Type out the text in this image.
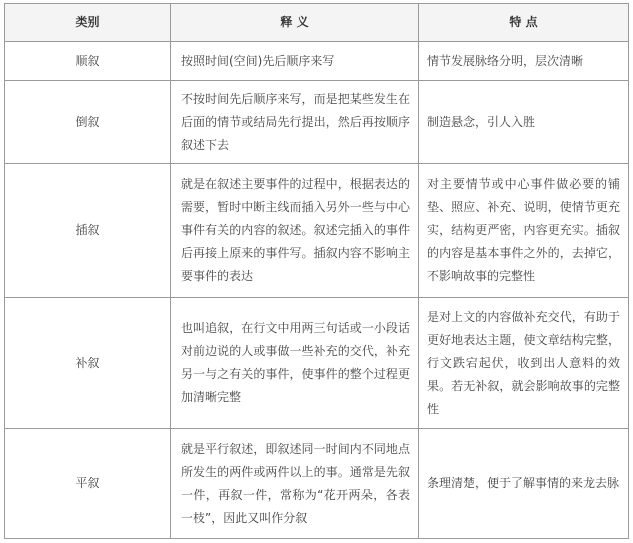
类别	释 义	特 点
顺叙	按照时间(空间)先后顺序来写	情节发展脉络分明，层次清晰
倒叙	不按时间先后顺序来写，而是把某些发生在后面的情节或结局先行提出，然后再按顺序叙述下去	制造悬念，引人入胜
插叙	就是在叙述主要事件的过程中，根据表达的需要，暂时中断主线而插入另外一些与中心事件有关的内容的叙述。叙述完插入的事件后再接上原来的事件写。插叙内容不影响主要事件的表达	对主要情节或中心事件做必要的铺垫、照应、补充、说明，使情节更充实，结构更严密，内容更充实。插叙的内容是基本事件之外的，去掉它，不影响故事的完整性
补叙	也叫追叙，在行文中用两三句话或一小段话对前边说的人或事做一些补充的交代，补充另一与之有关的事件，使事件的整个过程更加清晰完整	是对上文的内容做补充交代，有助于更好地表达主题，使文章结构完整，行文跌宕起伏，收到出人意料的效果。若无补叙，就会影响故事的完整性
平叙	就是平行叙述，即叙述同一时间内不同地点所发生的两件或两件以上的事。通常是先叙一件，再叙一件，常称为“花开两朵，各表一枝”，因此又叫作分叙	条理清楚，便于了解事情的来龙去脉
